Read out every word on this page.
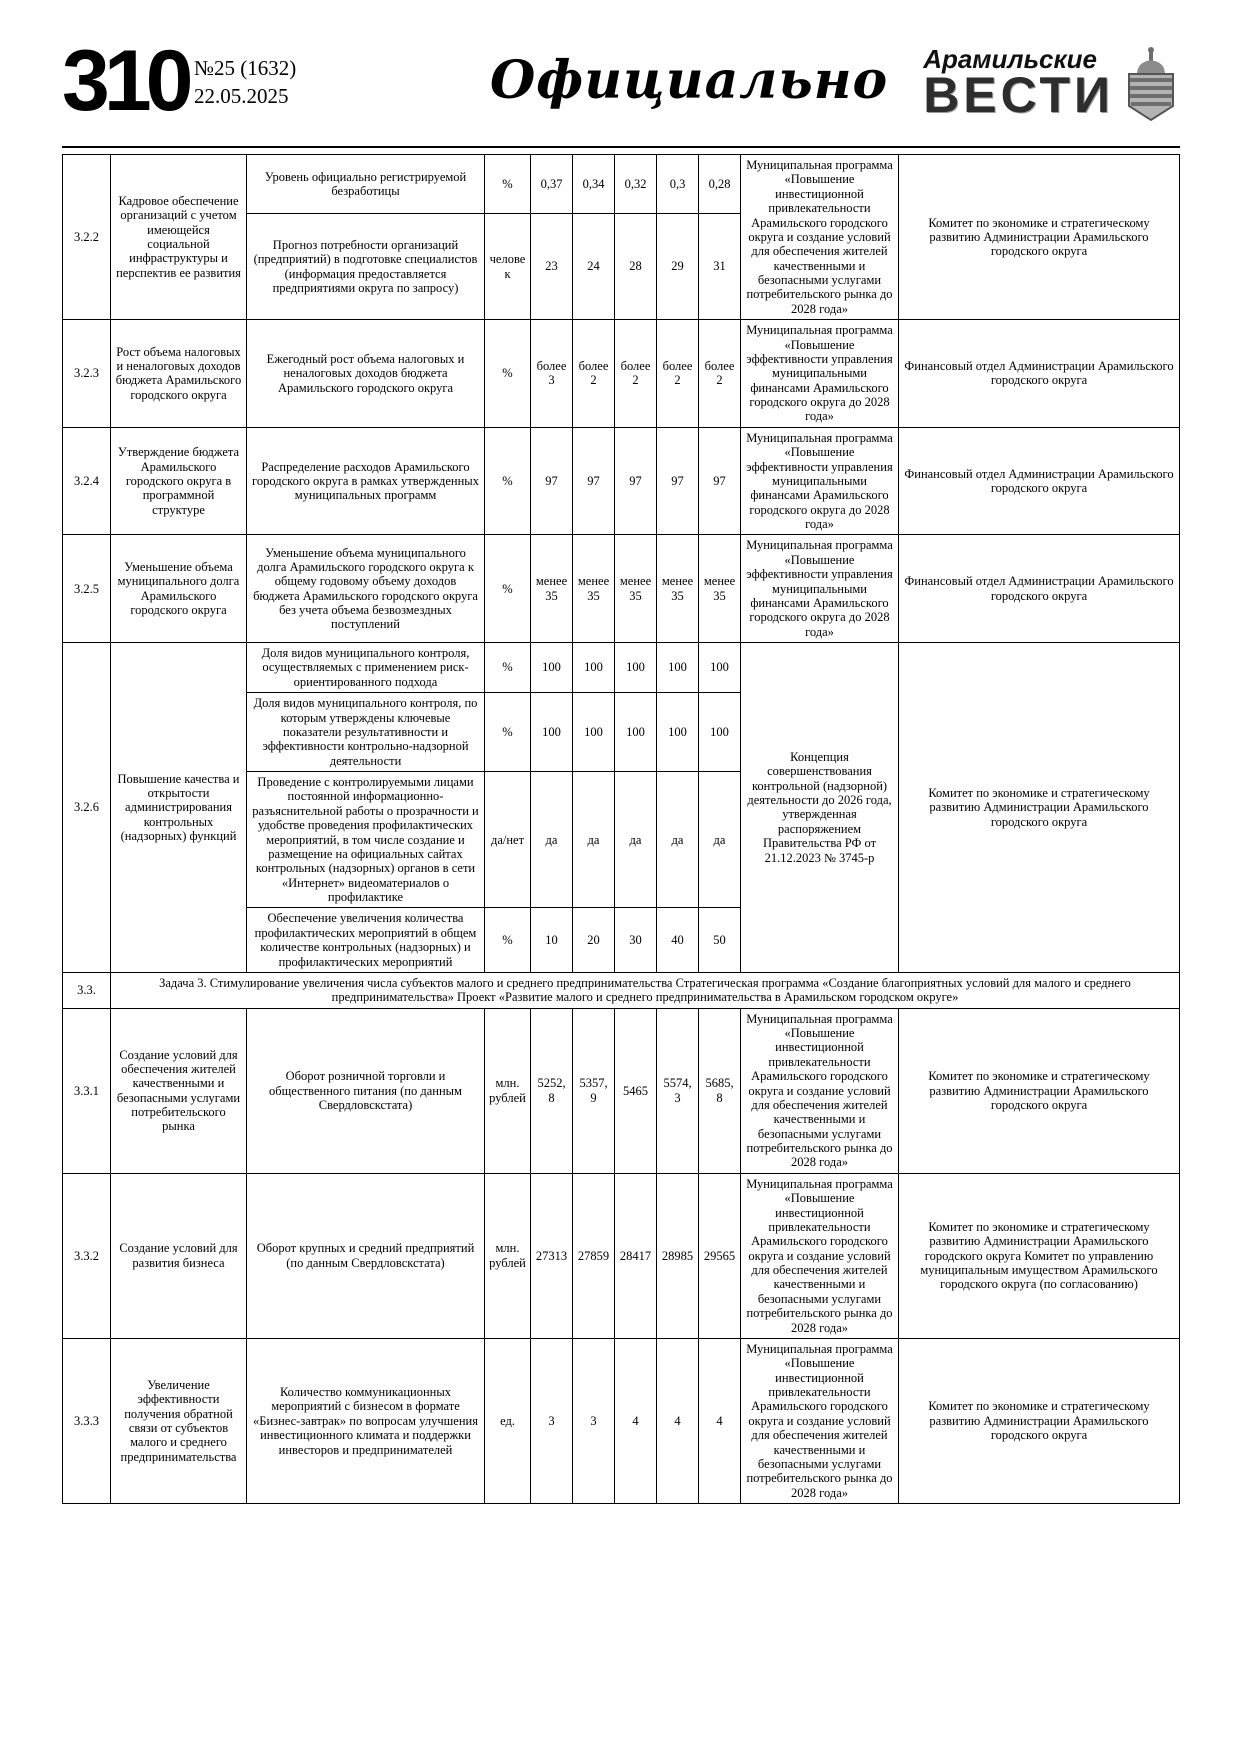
310 №25 (1632)
22.05.2025	Официально Арамильские
ВЕСТИ
3.2.2	Кадровое обеспечение организаций с учетом имеющейся социальной инфраструктуры и перспектив ее развития	Уровень официально регистрируемой безработицы	%	0,37	0,34	0,32	0,3	0,28	Муниципальная программа «Повышение инвестиционной привлекательности Арамильского городского округа и создание условий для обеспечения жителей качественными и безопасными услугами потребительского рынка до 2028 года»	Комитет по экономике и стратегическому развитию Администрации Арамильского городского округа
		Прогноз потребности организаций (предприятий) в подготовке специалистов (информация предоставляется предприятиями округа по запросу)	человек	23	24	28	29	31		
3.2.3	Рост объема налоговых и неналоговых доходов бюджета Арамильского городского округа	Ежегодный рост объема налоговых и неналоговых доходов бюджета Арамильского городского округа	%	более 3	более 2	более 2	более 2	более 2	Муниципальная программа «Повышение эффективности управления муниципальными финансами Арамильского городского округа до 2028 года»	Финансовый отдел Администрации Арамильского городского округа
3.2.4	Утверждение бюджета Арамильского городского округа в программной структуре	Распределение расходов Арамильского городского округа в рамках утвержденных муниципальных программ	%	97	97	97	97	97	Муниципальная программа «Повышение эффективности управления муниципальными финансами Арамильского городского округа до 2028 года»	Финансовый отдел Администрации Арамильского городского округа
3.2.5	Уменьшение объема муниципального долга Арамильского городского округа	Уменьшение объема муниципального долга Арамильского городского округа к общему годовому объему доходов бюджета Арамильского городского округа без учета объема безвозмездных поступлений	%	менее 35	менее 35	менее 35	менее 35	менее 35	Муниципальная программа «Повышение эффективности управления муниципальными финансами Арамильского городского округа до 2028 года»	Финансовый отдел Администрации Арамильского городского округа
3.2.6	Повышение качества и открытости администрирования контрольных (надзорных) функций	Доля видов муниципального контроля, осуществляемых с применением риск-ориентированного подхода	%	100	100	100	100	100	Концепция совершенствования контрольной (надзорной) деятельности до 2026 года, утвержденная распоряжением Правительства РФ от 21.12.2023 № 3745-р	Комитет по экономике и стратегическому развитию Администрации Арамильского городского округа
		Доля видов муниципального контроля, по которым утверждены ключевые показатели результативности и эффективности контрольно-надзорной деятельности	%	100	100	100	100	100		
		Проведение с контролируемыми лицами постоянной информационно-разъяснительной работы о прозрачности и удобстве проведения профилактических мероприятий, в том числе создание и размещение на официальных сайтах контрольных (надзорных) органов в сети «Интернет» видеоматериалов о профилактике	да/нет	да	да	да	да	да		
		Обеспечение увеличения количества профилактических мероприятий в общем количестве контрольных (надзорных) и профилактических мероприятий	%	10	20	30	40	50		
3.3.	Задача 3. Стимулирование увеличения числа субъектов малого и среднего предпринимательства Стратегическая программа «Создание благоприятных условий для малого и среднего предпринимательства» Проект «Развитие малого и среднего предпринимательства в Арамильском городском округе»									
3.3.1	Создание условий для обеспечения жителей качественными и безопасными услугами потребительского рынка	Оборот розничной торговли и общественного питания (по данным Свердловскстата)	млн. рублей	5252,8	5357,9	5465	5574,3	5685,8	Муниципальная программа «Повышение инвестиционной привлекательности Арамильского городского округа и создание условий для обеспечения жителей качественными и безопасными услугами потребительского рынка до 2028 года»	Комитет по экономике и стратегическому развитию Администрации Арамильского городского округа
3.3.2	Создание условий для развития бизнеса	Оборот крупных и средний предприятий (по данным Свердловскстата)	млн. рублей	27313	27859	28417	28985	29565	Муниципальная программа «Повышение инвестиционной привлекательности Арамильского городского округа и создание условий для обеспечения жителей качественными и безопасными услугами потребительского рынка до 2028 года»	Комитет по экономике и стратегическому развитию Администрации Арамильского городского округа Комитет по управлению муниципальным имуществом Арамильского городского округа (по согласованию)
3.3.3	Увеличение эффективности получения обратной связи от субъектов малого и среднего предпринимательства	Количество коммуникационных мероприятий с бизнесом в формате «Бизнес-завтрак» по вопросам улучшения инвестиционного климата и поддержки инвесторов и предпринимателей	ед.	3	3	4	4	4	Муниципальная программа «Повышение инвестиционной привлекательности Арамильского городского округа и создание условий для обеспечения жителей качественными и безопасными услугами потребительского рынка до 2028 года»	Комитет по экономике и стратегическому развитию Администрации Арамильского городского округа
